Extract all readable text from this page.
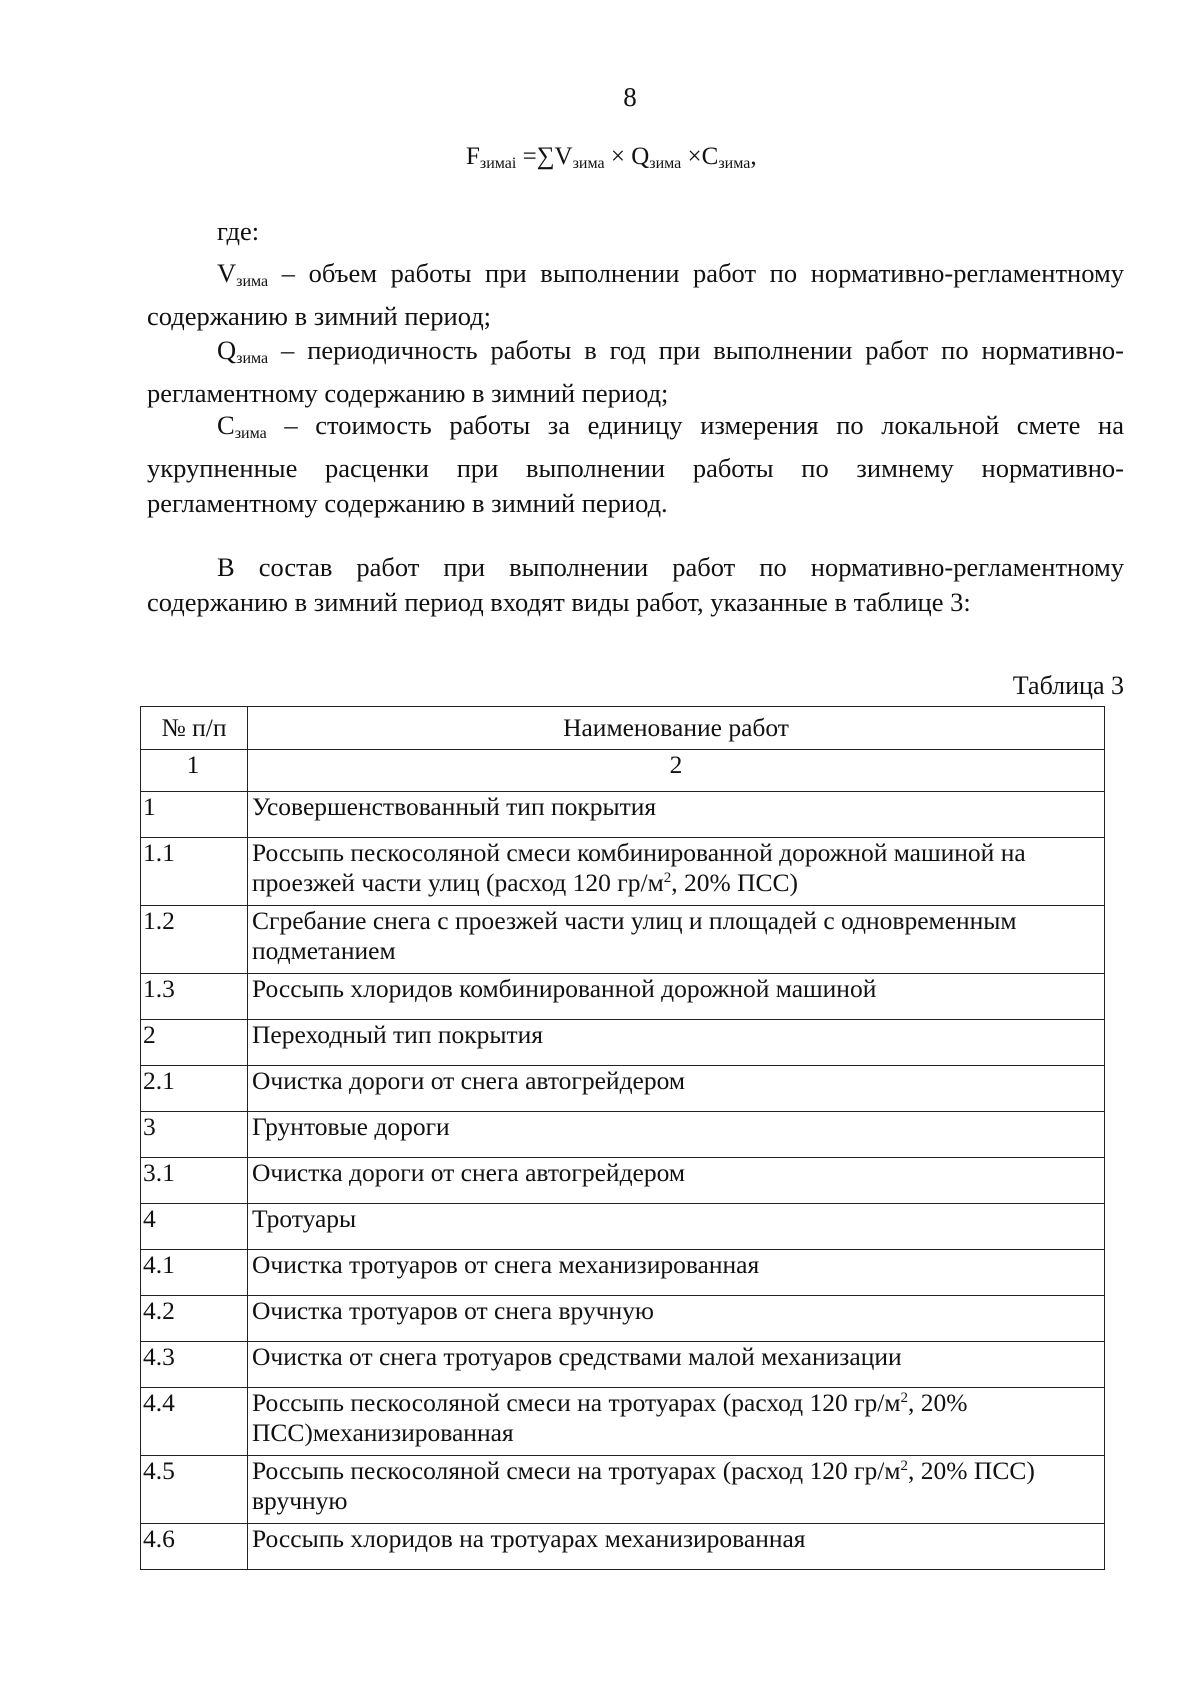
8
$F_{зимаi} =\sum V_{зима} \times Q_{зима} \times C_{зима}$,
где:
$V_{зима}$ – объем работы при выполнении работ по нормативно-регламентному содержанию в зимний период;
$Q_{зима}$ – периодичность работы в год при выполнении работ по нормативно-регламентному содержанию в зимний период;
$С_{зима}$ – стоимость работы за единицу измерения по локальной смете на укрупненные расценки при выполнении работы по зимнему нормативно-регламентному содержанию в зимний период.
В состав работ при выполнении работ по нормативно-регламентному содержанию в зимний период входят виды работ, указанные в таблице 3:
Таблица 3
№ п/п	Наименование работ
1	2
1	Усовершенствованный тип покрытия
1.1	Россыпь пескосоляной смеси комбинированной дорожной машиной на проезжей части улиц (расход 120 $гр/м^2$, 20% ПСС)
1.2	Сгребание снега с проезжей части улиц и площадей с одновременным подметанием
1.3	Россыпь хлоридов комбинированной дорожной машиной
2	Переходный тип покрытия
2.1	Очистка дороги от снега автогрейдером
3	Грунтовые дороги
3.1	Очистка дороги от снега автогрейдером
4	Тротуары
4.1	Очистка тротуаров от снега механизированная
4.2	Очистка тротуаров от снега вручную
4.3	Очистка от снега тротуаров средствами малой механизации
4.4	Россыпь пескосоляной смеси на тротуарах (расход 120 $гр/м^2$, 20% ПСС)механизированная
4.5	Россыпь пескосоляной смеси на тротуарах (расход 120 $гр/м^2$, 20% ПСС) вручную
4.6	Россыпь хлоридов на тротуарах механизированная
